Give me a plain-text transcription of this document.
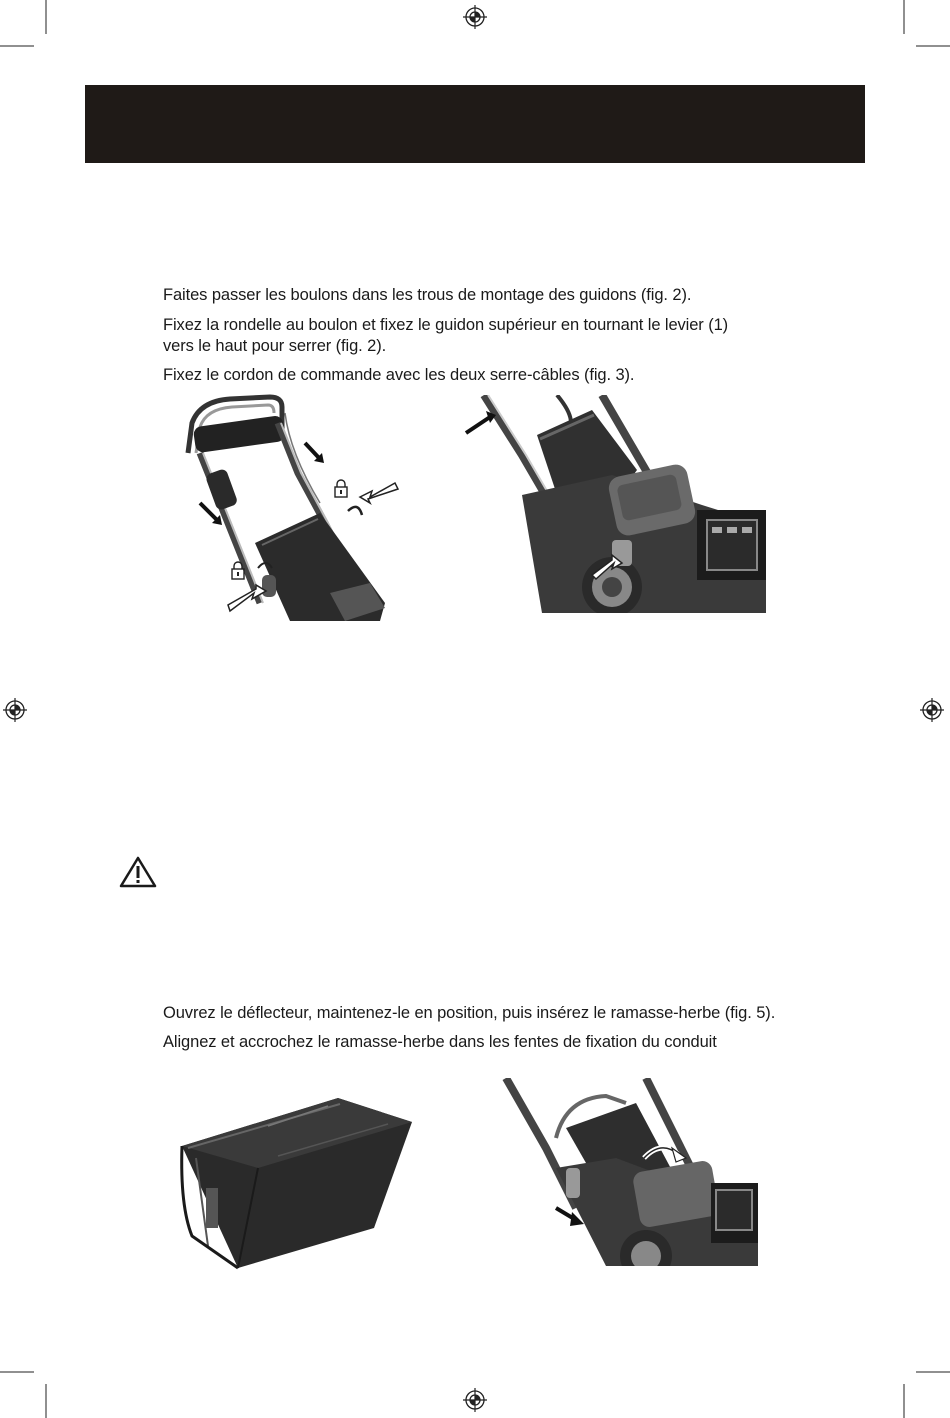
Faites passer les boulons dans les trous de montage des guidons (fig. 2).
Fixez la rondelle au boulon et fixez le guidon supérieur en tournant le levier (1)
vers le haut pour serrer (fig. 2).
Fixez le cordon de commande avec les deux serre-câbles (fig. 3).
Ouvrez le déflecteur, maintenez-le en position, puis insérez le ramasse-herbe (fig. 5).
Alignez et accrochez le ramasse-herbe dans les fentes de fixation du conduit
